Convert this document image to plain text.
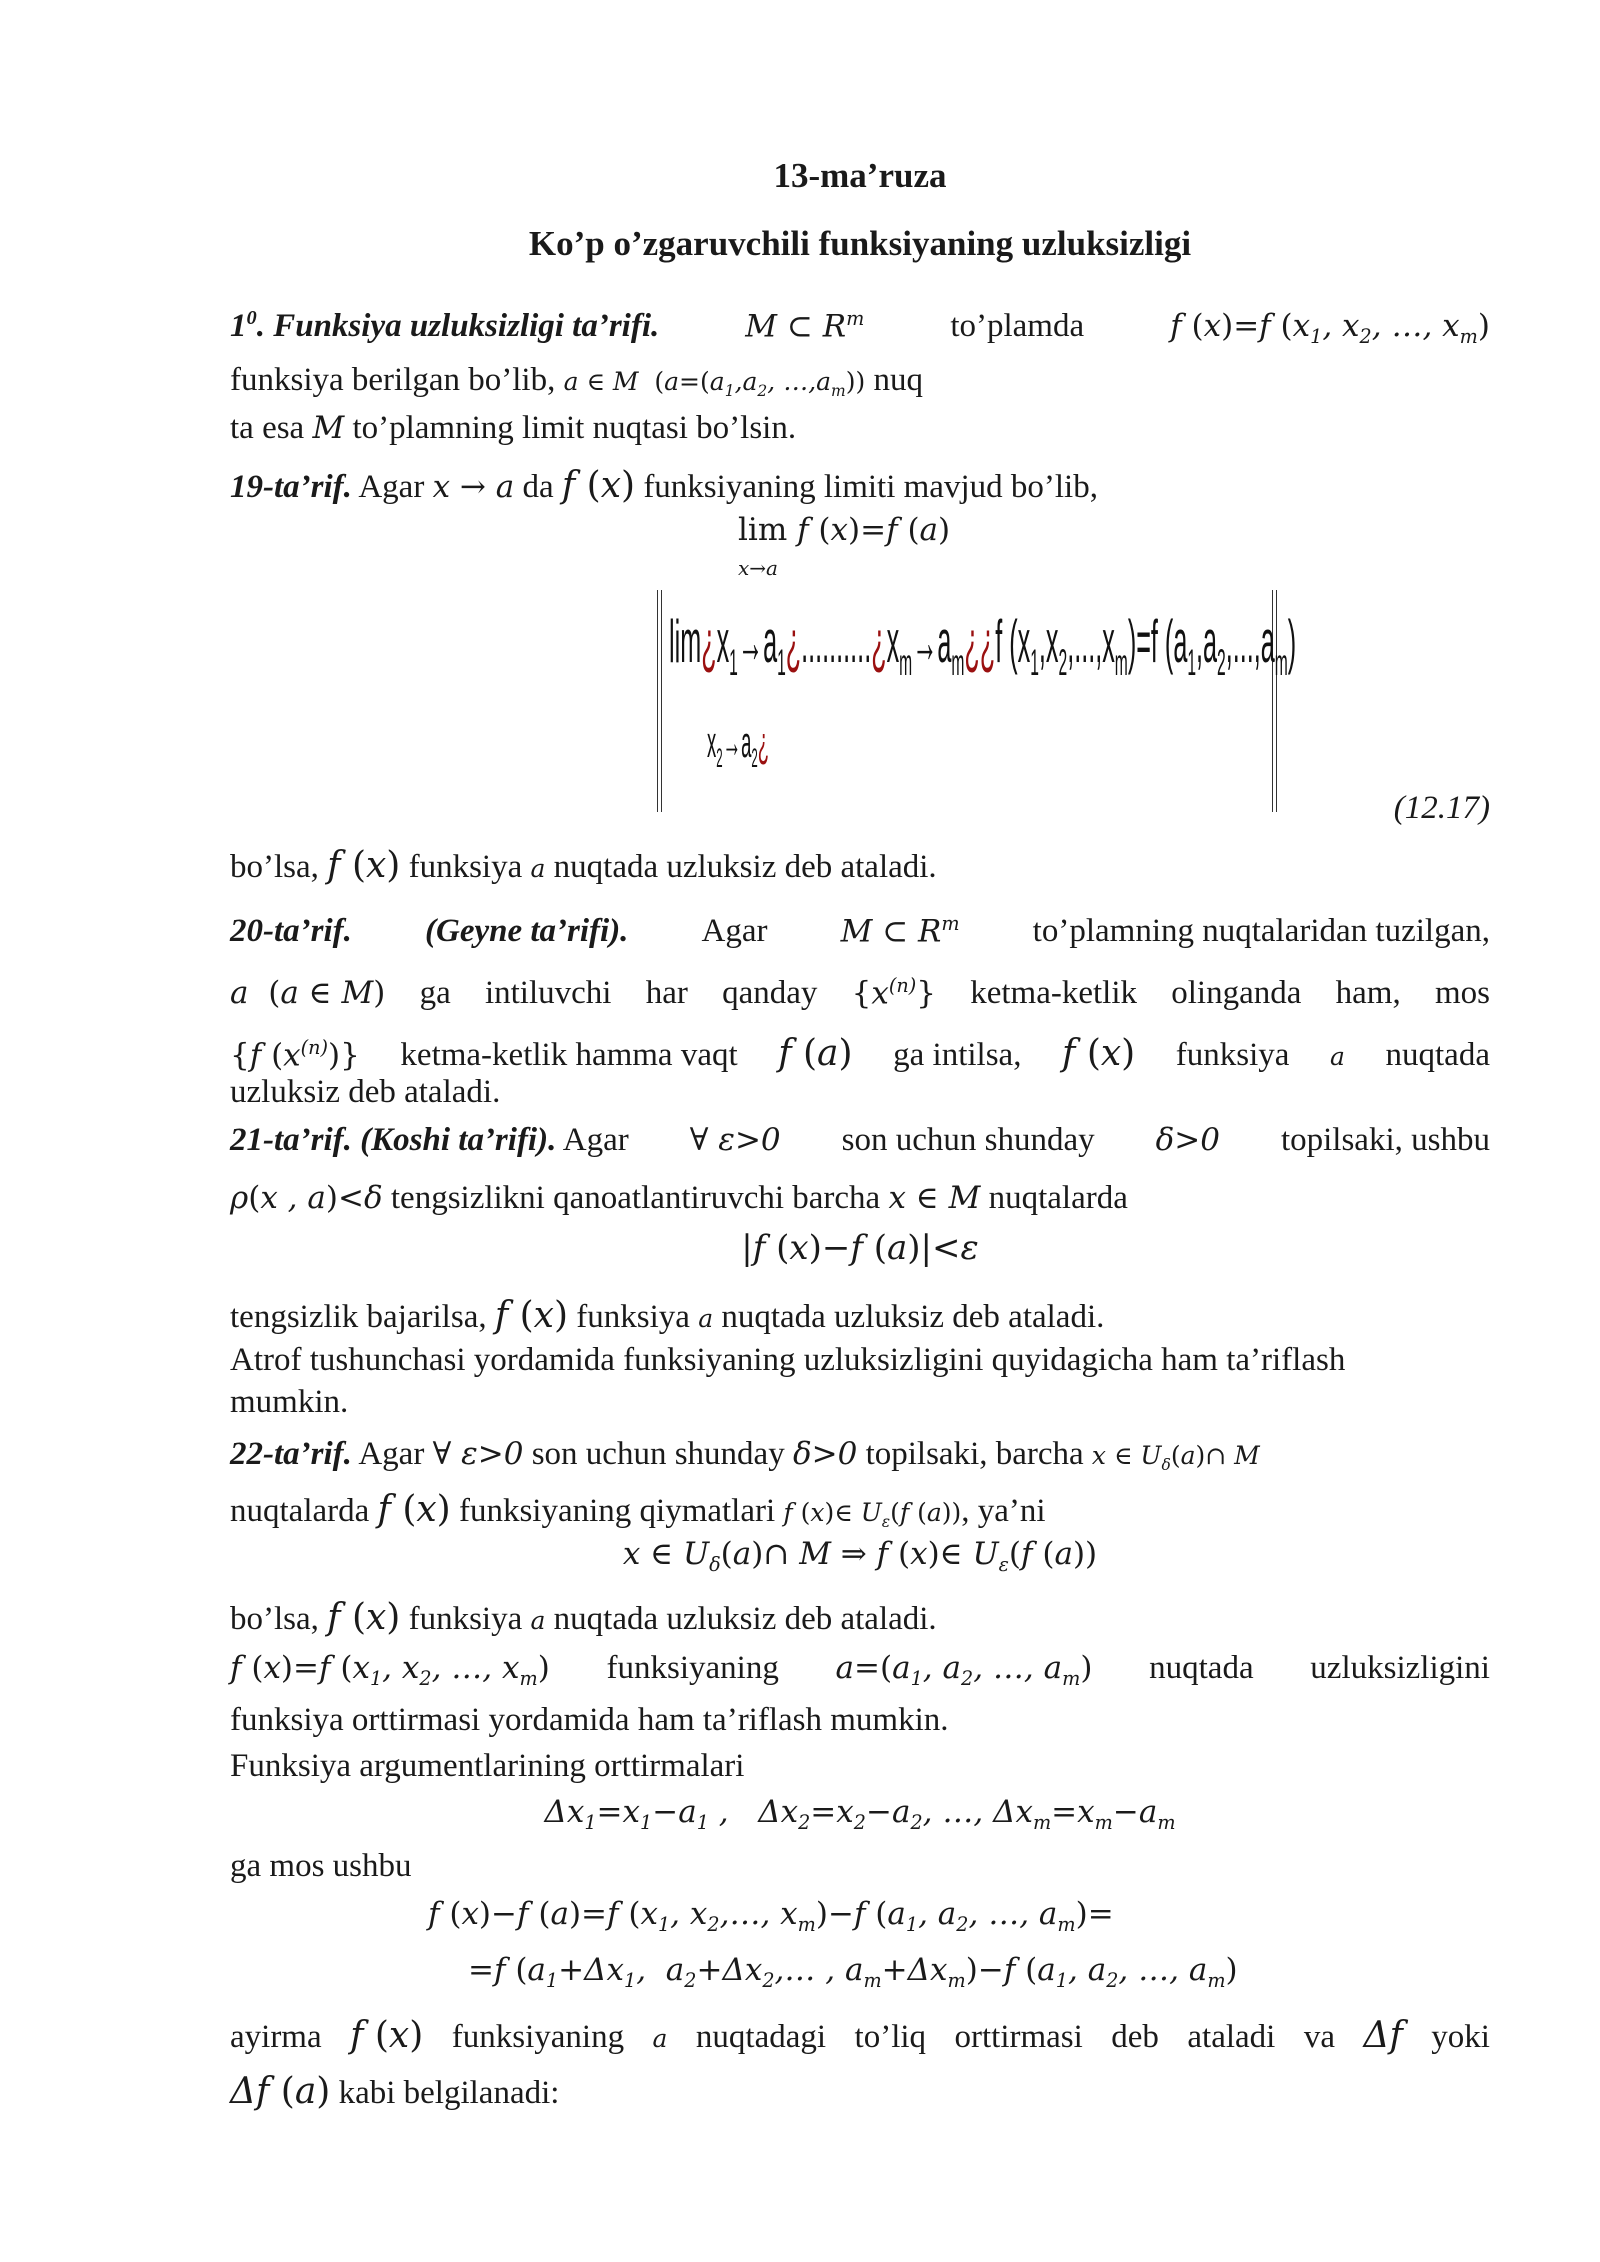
13-ma’ruza
Ko’p o’zgaruvchili funksiyaning uzluksizligi
$1^0$. Funksiya uzluksizligi ta’rifi.	M ⊂ $R^m$	to’plamda	f (x)=f ($x_1$, $x_2$, …, $x_m$)
funksiya berilgan bo’lib, a ∈ M  ($a=(a_1,a_2$, $\dots,a_m$)) nuq
ta esa M to’plamning limit nuqtasi bo’lsin.
19-ta’rif. Agar x → a da f (x) funksiyaning limiti mavjud bo’lib,
lim f (x)=f (a)
x→a
$\lim¿x_1\to a_1¿..........¿x_m\to a_m¿¿f$ $(x_1,x_2,...,x_m)=f$ $(a_1,a_2,...,a_m)$
$x_2\to a_2¿$
(12.17)
bo’lsa, f (x) funksiya a nuqtada uzluksiz deb ataladi.
20-ta’rif. (Geyne ta’rifi). Agar M ⊂ $R^m$ to’plamning nuqtalaridan tuzilgan,
a  (a ∈ M) ga intiluvchi har qanday $\{x^{(n)}\}$ ketma-ketlik olinganda ham, mos
{f $(x^{(n)})$} ketma-ketlik hamma vaqt f (a) ga intilsa, f (x) funksiya a nuqtada
uzluksiz deb ataladi.
21-ta’rif. (Koshi ta’rifi). Agar ∀ ε>0 son uchun shunday δ>0 topilsaki, ushbu
ρ(x , a)<δ tengsizlikni qanoatlantiruvchi barcha x ∈ M nuqtalarda
|f (x)−f (a)|<ε
tengsizlik bajarilsa, f (x) funksiya a nuqtada uzluksiz deb ataladi.
Atrof tushunchasi yordamida funksiyaning uzluksizligini quyidagicha ham ta’riflash
mumkin.
22-ta’rif. Agar ∀ ε>0 son uchun shunday δ>0 topilsaki, barcha x ∈ $U_\delta(a)\cap$ M
nuqtalarda f (x) funksiyaning qiymatlari f (x)∈ $U_\varepsilon(f$ (a)), ya’ni
x ∈ $U_\delta(a)\cap$ M ⇒ f (x)∈ $U_\varepsilon(f$ (a))
bo’lsa, f (x) funksiya a nuqtada uzluksiz deb ataladi.
f (x)=f ($x_1$, $x_2$, …, $x_m$) funksiyaning $a=(a_1$, $a_2$, …, $a_m$) nuqtada uzluksizligini
funksiya orttirmasi yordamida ham ta’riflash mumkin.
Funksiya argumentlarining orttirmalari
$\Delta x_1=x_1-a_1$ ,   $\Delta x_2=x_2-a_2$, …, $\Delta x_m=x_m-a_m$
ga mos ushbu
f (x)−f (a)=f ($x_1$, $x_2,\dots$, $x_m)-f$ ($a_1$, $a_2$, …, $a_m)=$
=f ($a_1+\Delta x_1$,  $a_2+\Delta x_2,\dots$ , $a_m+\Delta x_m)-f$ ($a_1$, $a_2$, …, $a_m$)
ayirma f (x) funksiyaning a nuqtadagi to’liq orttirmasi deb ataladi va Δf yoki
Δf (a) kabi belgilanadi:
